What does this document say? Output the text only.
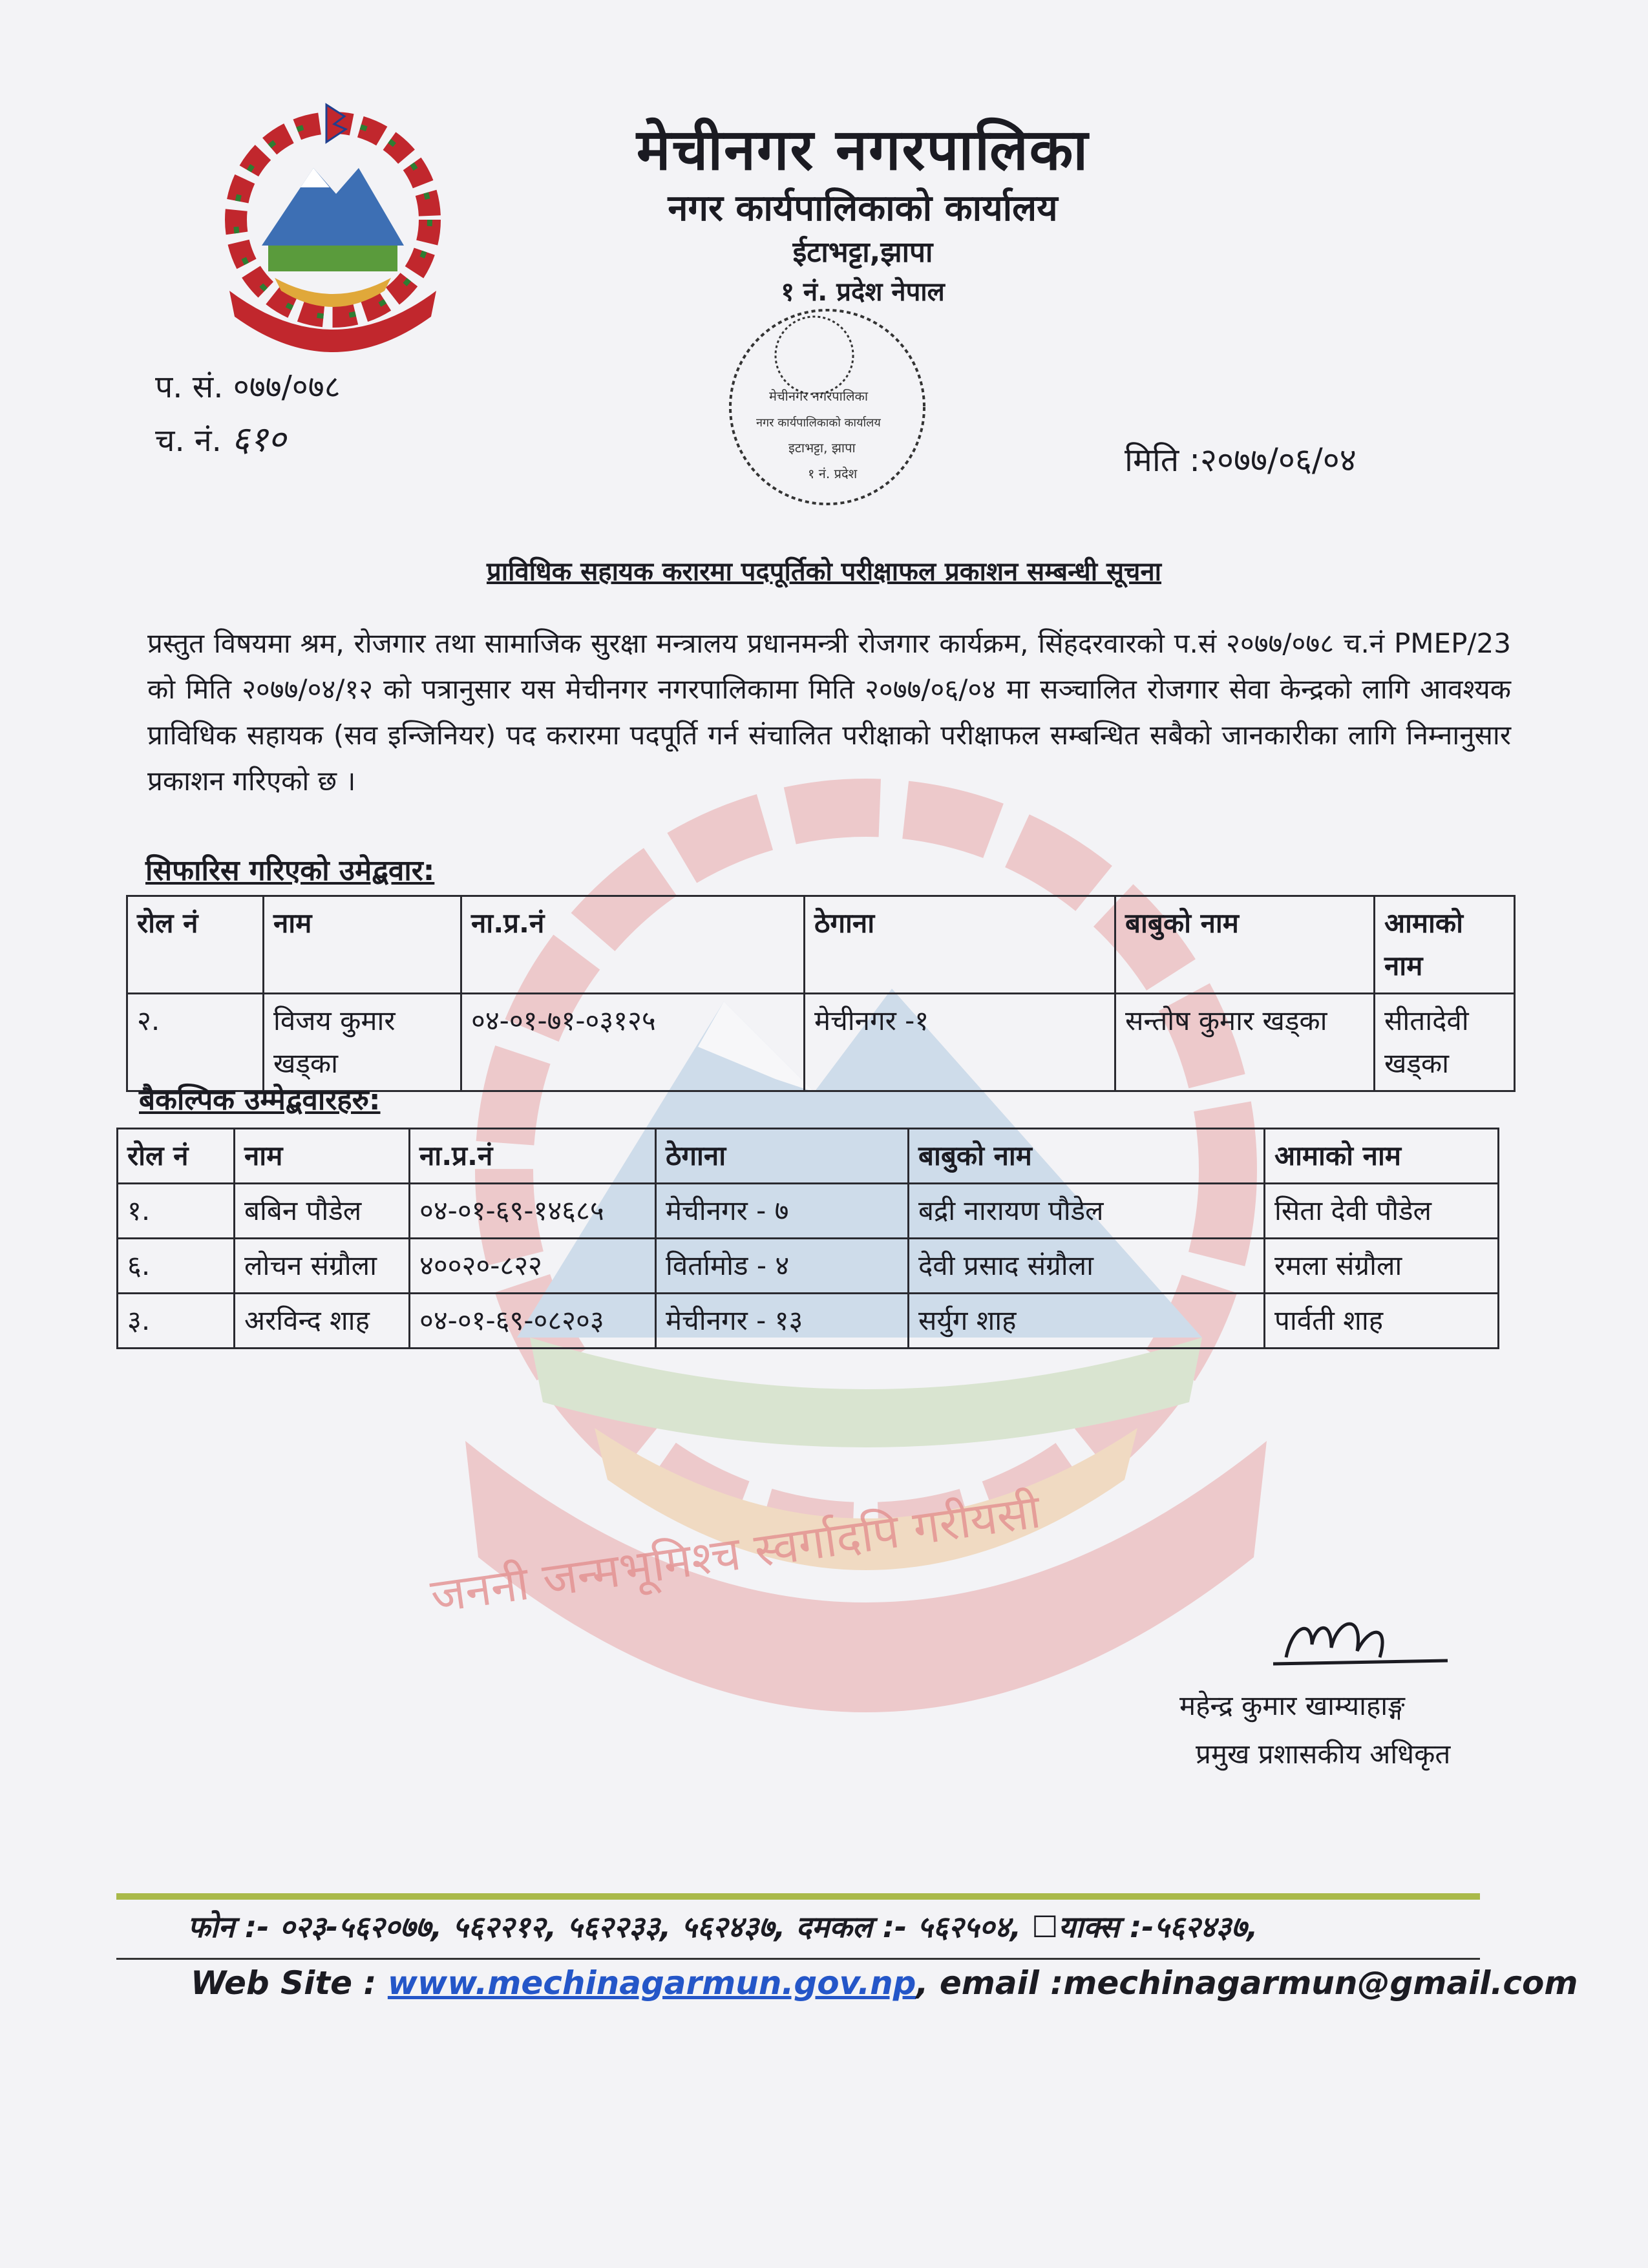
मेचीनगर नगरपालिका
नगर कार्यपालिकाको कार्यालय
ईटाभट्टा,झापा
१ नं. प्रदेश नेपाल
मेचीनगर नगरपालिका
नगर कार्यपालिकाको कार्यालय
इटाभट्टा, झापा
१ नं. प्रदेश
प. सं. ०७७/०७८
च. नं. ६१०
मिति :२०७७/०६/०४
प्राविधिक सहायक करारमा पदपूर्तिको परीक्षाफल प्रकाशन सम्बन्धी सूचना
प्रस्तुत विषयमा श्रम, रोजगार तथा सामाजिक सुरक्षा मन्त्रालय प्रधानमन्त्री रोजगार कार्यक्रम, सिंहदरवारको प.सं २०७७/०७८ च.नं PMEP/23 को मिति २०७७/०४/१२ को पत्रानुसार यस मेचीनगर नगरपालिकामा मिति २०७७/०६/०४ मा सञ्चालित रोजगार सेवा केन्द्रको लागि आवश्यक प्राविधिक सहायक (सव इन्जिनियर) पद करारमा पदपूर्ति गर्न संचालित परीक्षाको परीक्षाफल सम्बन्धित सबैको जानकारीका लागि निम्नानुसार प्रकाशन गरिएको छ ।
सिफारिस गरिएको उमेद्बवार:
रोल नं	नाम	ना.प्र.नं	ठेगाना	बाबुको नाम	आमाको नाम
२.	विजय कुमार खड्का	०४-०१-७१-०३१२५	मेचीनगर -१	सन्तोष कुमार खड्का	सीतादेवी खड्का
बैकल्पिक उम्मेद्बवारहरु:
रोल नं	नाम	ना.प्र.नं	ठेगाना	बाबुको नाम	आमाको नाम
१.	बबिन पौडेल	०४-०१-६९-१४६८५	मेचीनगर - ७	बद्री नारायण पौडेल	सिता देवी पौडेल
६.	लोचन संग्रौला	४००२०-८२२	विर्तामोड - ४	देवी प्रसाद संग्रौला	रमला संग्रौला
३.	अरविन्द शाह	०४-०१-६९-०८२०३	मेचीनगर - १३	सर्युग शाह	पार्वती शाह
जननी जन्मभूमिश्च स्वर्गादपि गरीयसी
महेन्द्र कुमार खाम्याहाङ्ग
प्रमुख प्रशासकीय अधिकृत
फोन :- ०२३-५६२०७७, ५६२२१२, ५६२२३३, ५६२४३७, दमकल :- ५६२५०४, ☐याक्स :-५६२४३७,
Web Site : www.mechinagarmun.gov.np, email :mechinagarmun@gmail.com
